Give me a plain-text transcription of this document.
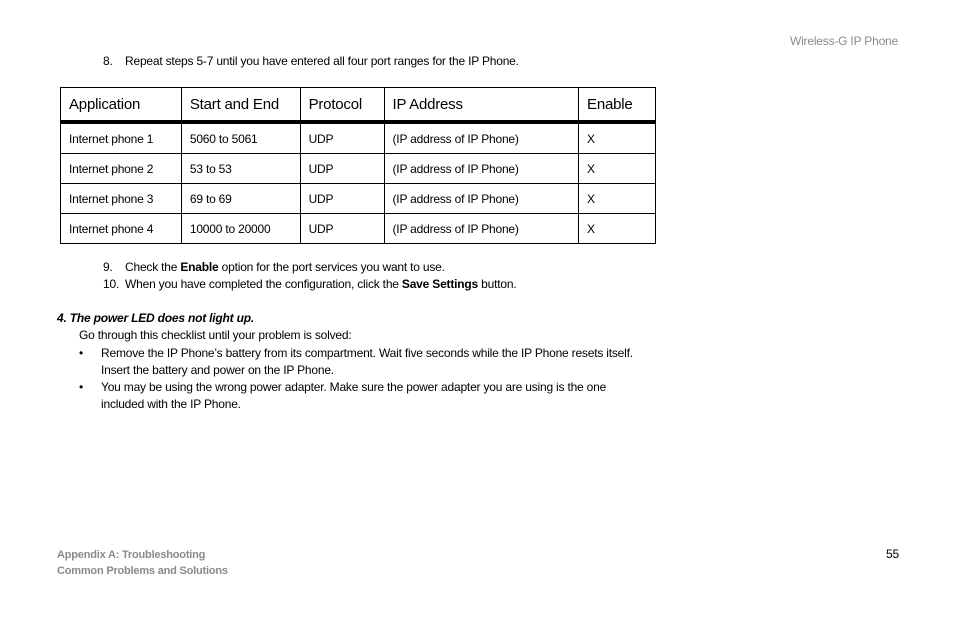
Wireless-G IP Phone
8. Repeat steps 5-7 until you have entered all four port ranges for the IP Phone.
Application	Start and End	Protocol	IP Address	Enable
Internet phone 1	5060 to 5061	UDP	(IP address of IP Phone)	X
Internet phone 2	53 to 53	UDP	(IP address of IP Phone)	X
Internet phone 3	69 to 69	UDP	(IP address of IP Phone)	X
Internet phone 4	10000 to 20000	UDP	(IP address of IP Phone)	X
9. Check the Enable option for the port services you want to use.
10. When you have completed the configuration, click the Save Settings button.
4. The power LED does not light up.
Go through this checklist until your problem is solved:
• Remove the IP Phone’s battery from its compartment. Wait five seconds while the IP Phone resets itself.
Insert the battery and power on the IP Phone.
• You may be using the wrong power adapter. Make sure the power adapter you are using is the one
included with the IP Phone.
Appendix A: Troubleshooting
Common Problems and Solutions
55
